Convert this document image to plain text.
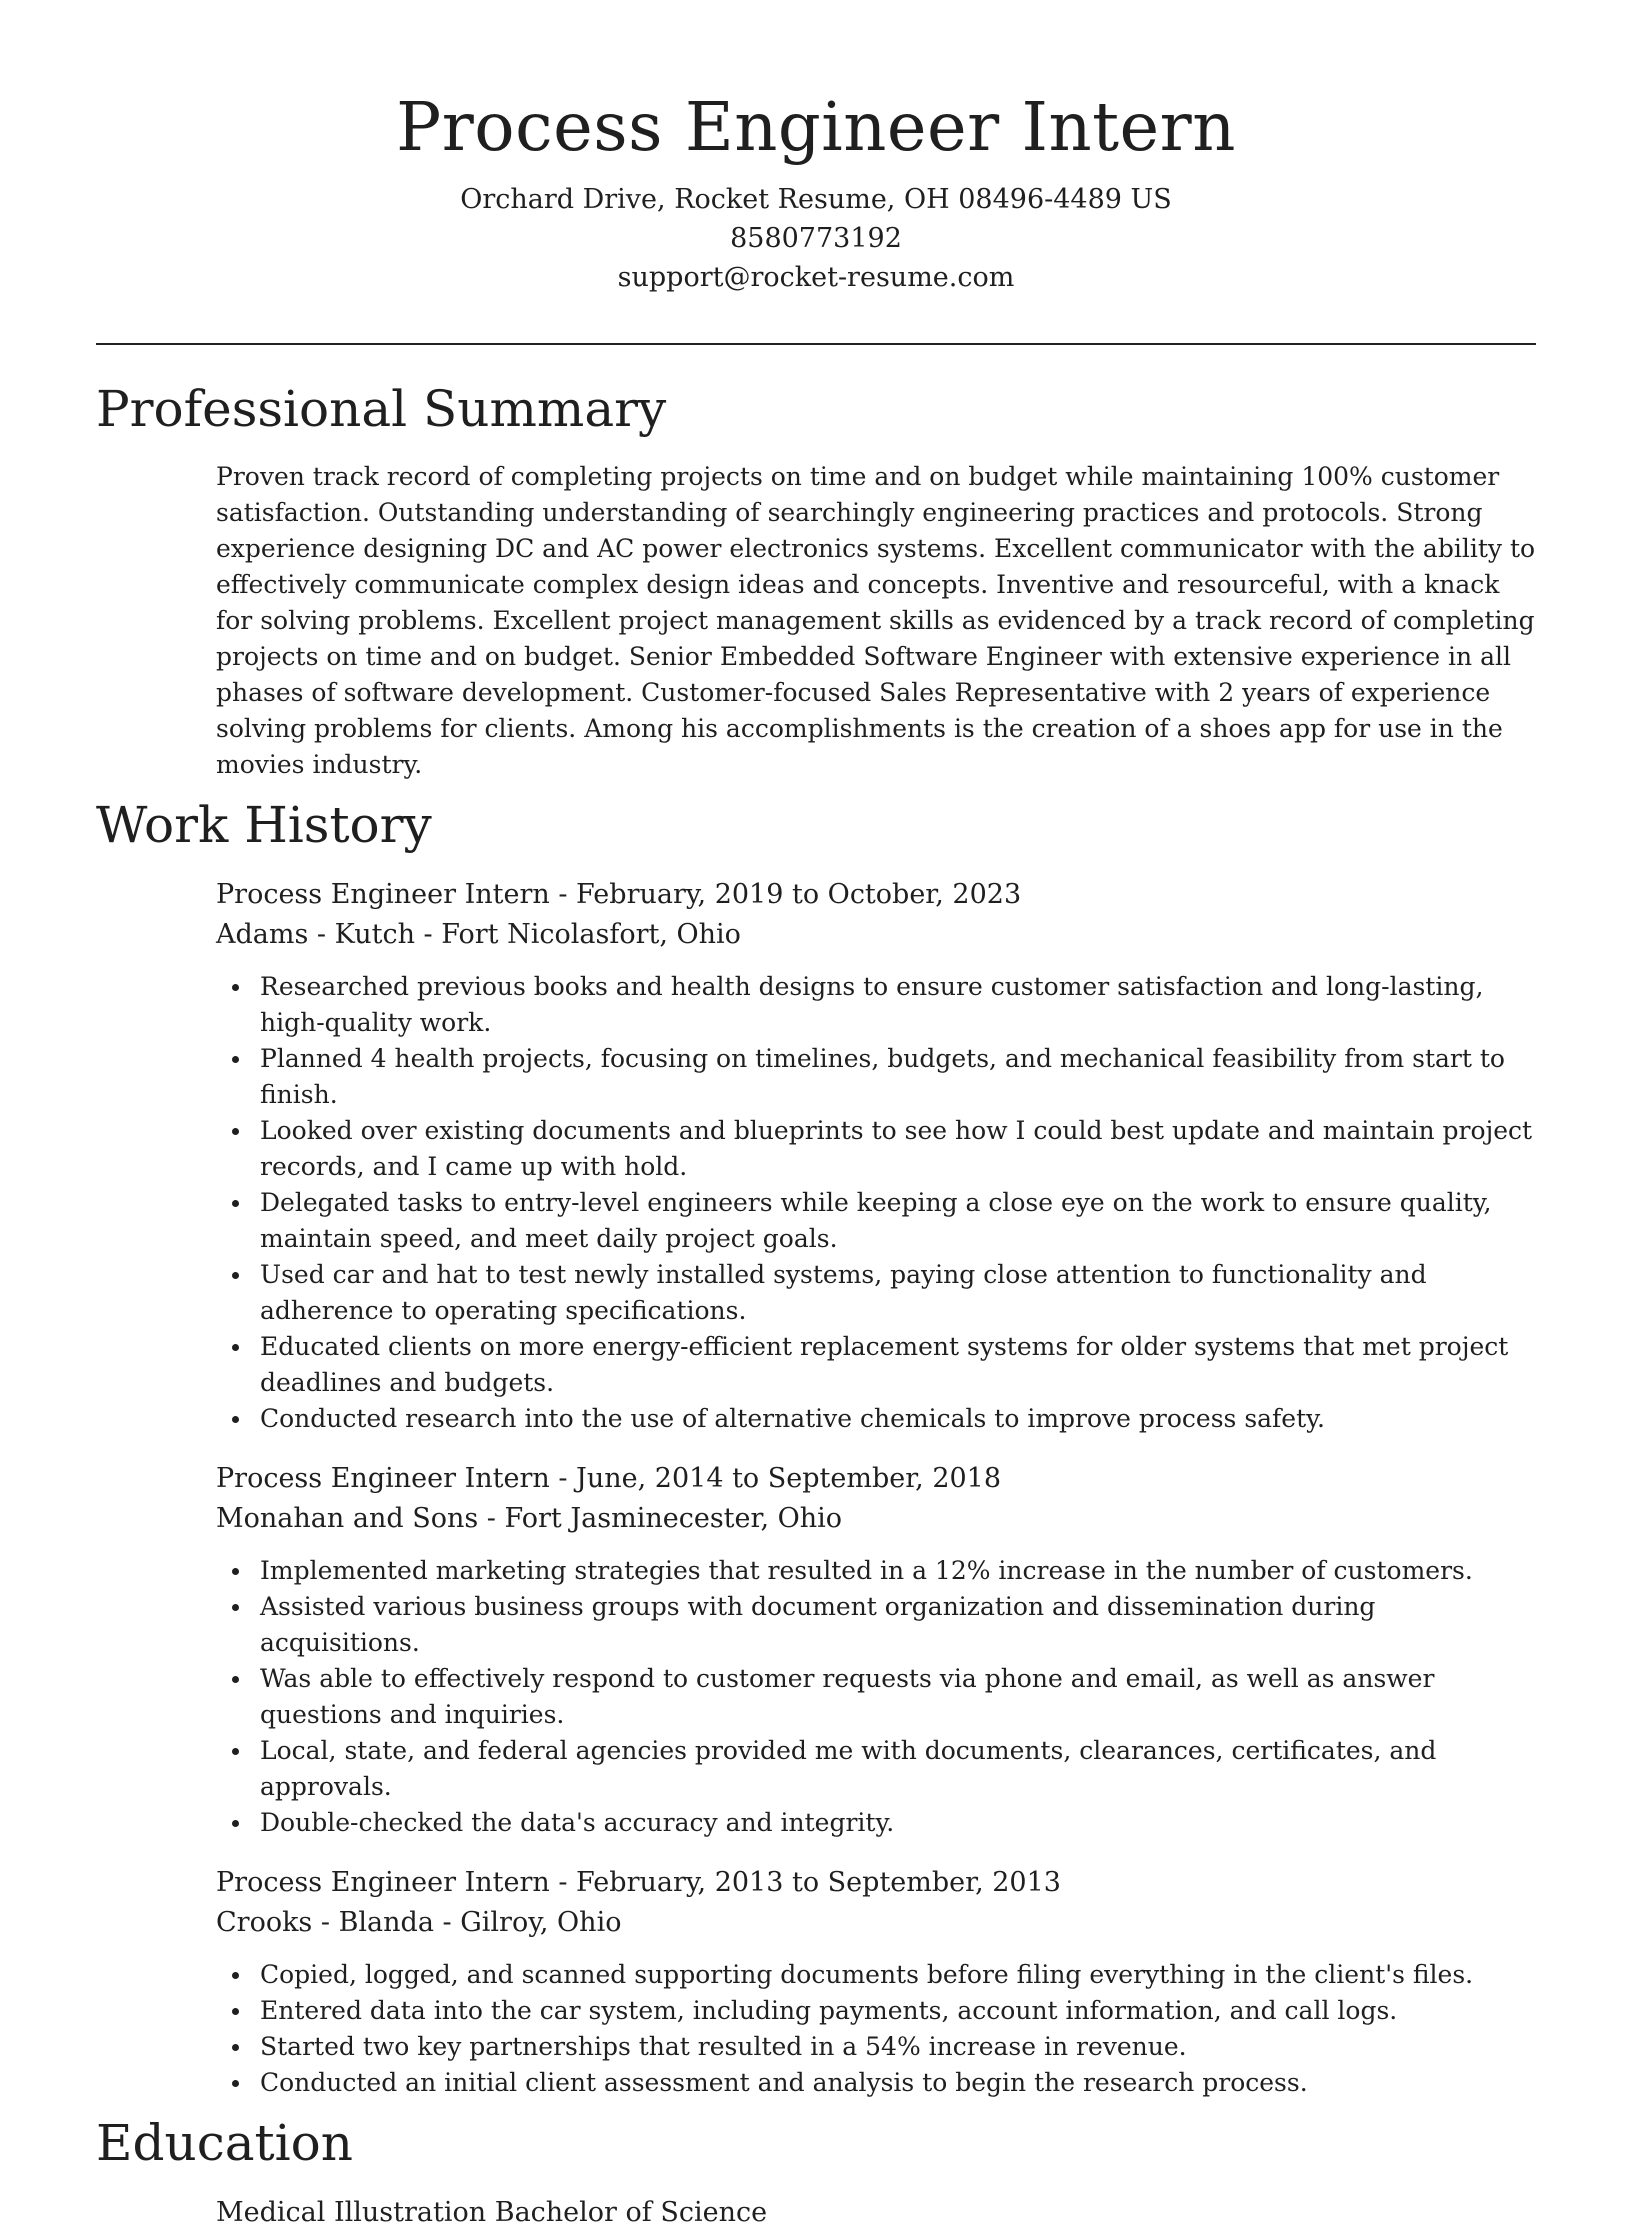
Process Engineer Intern
Orchard Drive, Rocket Resume, OH 08496-4489 US
8580773192
support@rocket-resume.com
Professional Summary

Proven track record of completing projects on time and on budget while maintaining 100% customer satisfaction. Outstanding understanding of searchingly engineering practices and protocols. Strong experience designing DC and AC power electronics systems. Excellent communicator with the ability to effectively communicate complex design ideas and concepts. Inventive and resourceful, with a knack for solving problems. Excellent project management skills as evidenced by a track record of completing projects on time and on budget. Senior Embedded Software Engineer with extensive experience in all phases of software development. Customer-focused Sales Representative with 2 years of experience solving problems for clients. Among his accomplishments is the creation of a shoes app for use in the movies industry.

Work History
Process Engineer Intern - February, 2019 to October, 2023
Adams - Kutch - Fort Nicolasfort, Ohio
Researched previous books and health designs to ensure customer satisfaction and long-lasting, high-quality work.
Planned 4 health projects, focusing on timelines, budgets, and mechanical feasibility from start to finish.
Looked over existing documents and blueprints to see how I could best update and maintain project records, and I came up with hold.
Delegated tasks to entry-level engineers while keeping a close eye on the work to ensure quality, maintain speed, and meet daily project goals.
Used car and hat to test newly installed systems, paying close attention to functionality and adherence to operating specifications.
Educated clients on more energy-efficient replacement systems for older systems that met project deadlines and budgets.
Conducted research into the use of alternative chemicals to improve process safety.
Process Engineer Intern - June, 2014 to September, 2018
Monahan and Sons - Fort Jasminecester, Ohio
Implemented marketing strategies that resulted in a 12% increase in the number of customers.
Assisted various business groups with document organization and dissemination during acquisitions.
Was able to effectively respond to customer requests via phone and email, as well as answer questions and inquiries.
Local, state, and federal agencies provided me with documents, clearances, certificates, and approvals.
Double-checked the data's accuracy and integrity.
Process Engineer Intern - February, 2013 to September, 2013
Crooks - Blanda - Gilroy, Ohio
Copied, logged, and scanned supporting documents before filing everything in the client's files.
Entered data into the car system, including payments, account information, and call logs.
Started two key partnerships that resulted in a 54% increase in revenue.
Conducted an initial client assessment and analysis to begin the research process.
Education
Medical Illustration Bachelor of Science
